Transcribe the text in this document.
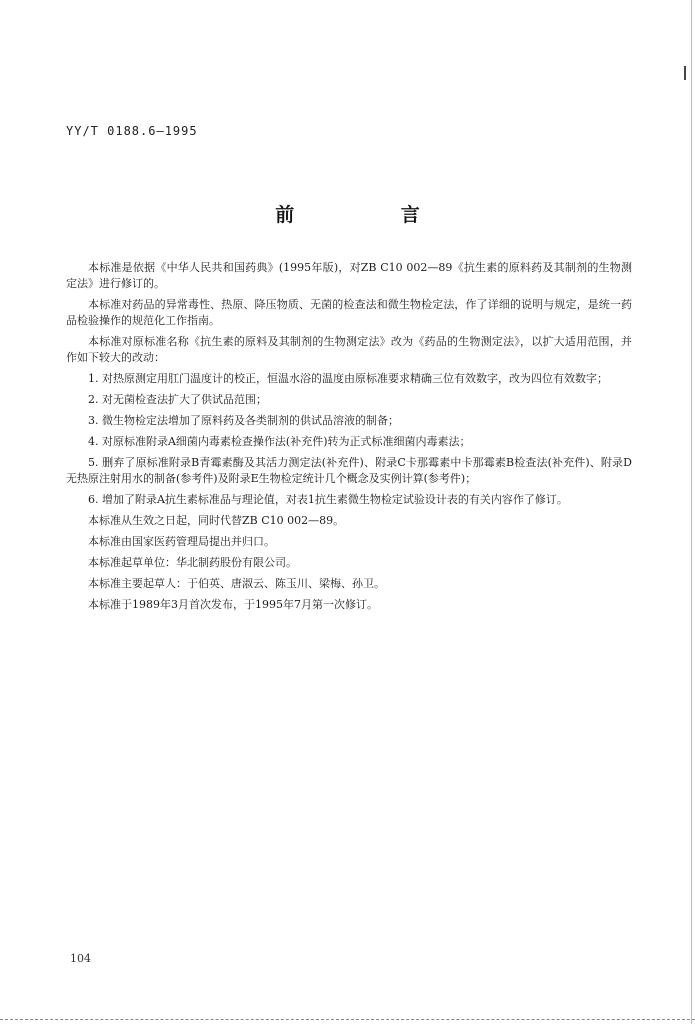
YY/T 0188.6—1995
前 言

本标准是依据《中华人民共和国药典》(1995年版)，对ZB C10 002—89《抗生素的原料药及其制剂的生物测定法》进行修订的。

本标准对药品的异常毒性、热原、降压物质、无菌的检查法和微生物检定法，作了详细的说明与规定，是统一药品检验操作的规范化工作指南。

本标准对原标准名称《抗生素的原料及其制剂的生物测定法》改为《药品的生物测定法》，以扩大适用范围，并作如下较大的改动：

1. 对热原测定用肛门温度计的校正，恒温水浴的温度由原标准要求精确三位有效数字，改为四位有效数字；

2. 对无菌检查法扩大了供试品范围；

3. 微生物检定法增加了原料药及各类制剂的供试品溶液的制备；

4. 对原标准附录A细菌内毒素检查操作法(补充件)转为正式标准细菌内毒素法；

5. 删弃了原标准附录B青霉素酶及其活力测定法(补充件)、附录C卡那霉素中卡那霉素B检查法(补充件)、附录D无热原注射用水的制备(参考件)及附录E生物检定统计几个概念及实例计算(参考件)；

6. 增加了附录A抗生素标准品与理论值，对表1抗生素微生物检定试验设计表的有关内容作了修订。

本标准从生效之日起，同时代替ZB C10 002—89。

本标准由国家医药管理局提出并归口。

本标准起草单位：华北制药股份有限公司。

本标准主要起草人：于伯英、唐淑云、陈玉川、梁梅、孙卫。

本标准于1989年3月首次发布，于1995年7月第一次修订。

104
